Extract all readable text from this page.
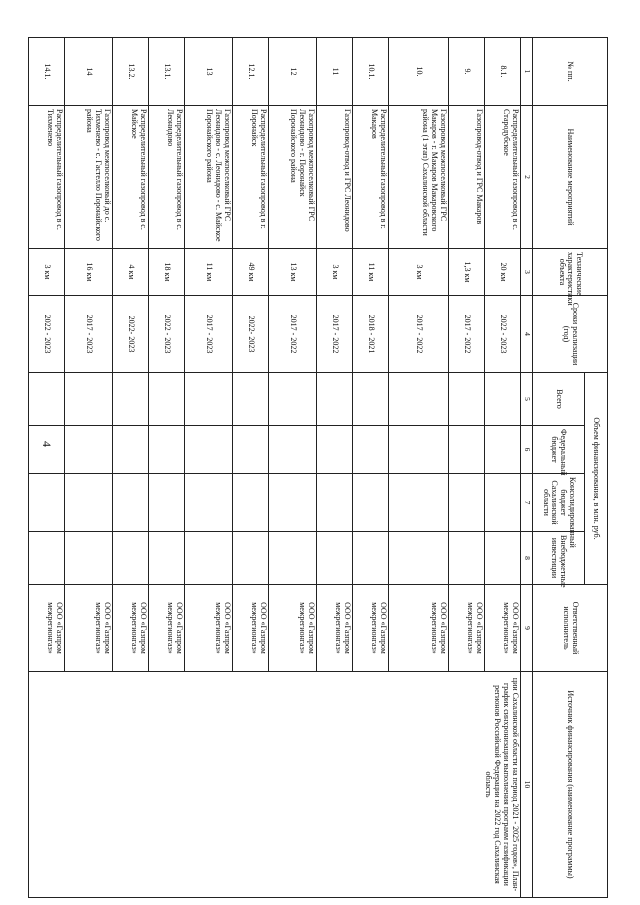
4
№ пп.	Наименование мероприятий	Технические характеристики объекта	Сроки реализации (год)	Объем финансирования, в млн. руб.				Ответственный исполнитель	Источник финансирования (наименование программы)
				Всего	Федеральный бюджет	Консолидированный бюджет Сахалинской области	Внебюджетные инвестиции		
1	2	3	4	5	6	7	8	9	10
8.1.	Распределительный газопровод в с. Стародубское	20 км	2022 - 2023					ООО «Газпром межрегионгаз»	ции Сахалинской области на период 2021 - 2025 годов», План-график синхронизации выполнения программ газификации регионов Российской Федерации на 2022 год Сахалинская область
9.	Газопровод-отвод и ГРС Макаров	1,3 км	2017 - 2022					ООО «Газпром межрегионгаз»	
10.	Газопровод межпоселковый ГРС Макаров - г. Макаров Макаровского района (1 этап) Сахалинской области	3 км	2017 - 2022					ООО «Газпром межрегионгаз»	
10.1.	Распределительный газопровод в г. Макаров	11 км	2018 - 2021					ООО «Газпром межрегионгаз»	
11	Газопровод-отвод и ГРС Леонидово	3 км	2017 - 2022					ООО «Газпром межрегионгаз»	
12	Газопровод межпоселковый ГРС Леонидово - г. Поронайск Поронайского района	13 км	2017 - 2022					ООО «Газпром межрегионгаз»	
12.1.	Распределительный газопровод в г. Поронайск	49 км	2022- 2023					ООО «Газпром межрегионгаз»	
13	Газопровод межпоселковый ГРС Леонидово - с. Леонидово - с. Майское Поронайского района	11 км	2017 - 2023					ООО «Газпром межрегионгаз»	
13.1.	Распределительный газопровод в с. Леонидово	18 км	2022 - 2023					ООО «Газпром межрегионгаз»	
13.2.	Распределительный газопровод в с. Майское	4 км	2022- 2023					ООО «Газпром межрегионгаз»	
14	Газопровод межпоселковый до с. Тихменево - с. Гастелло Поронайского района	16 км	2017 - 2023					ООО «Газпром межрегионгаз»	
14.1.	Распределительный газопровод в с. Тихменево	3 км	2022 - 2023					ООО «Газпром межрегионгаз»	
